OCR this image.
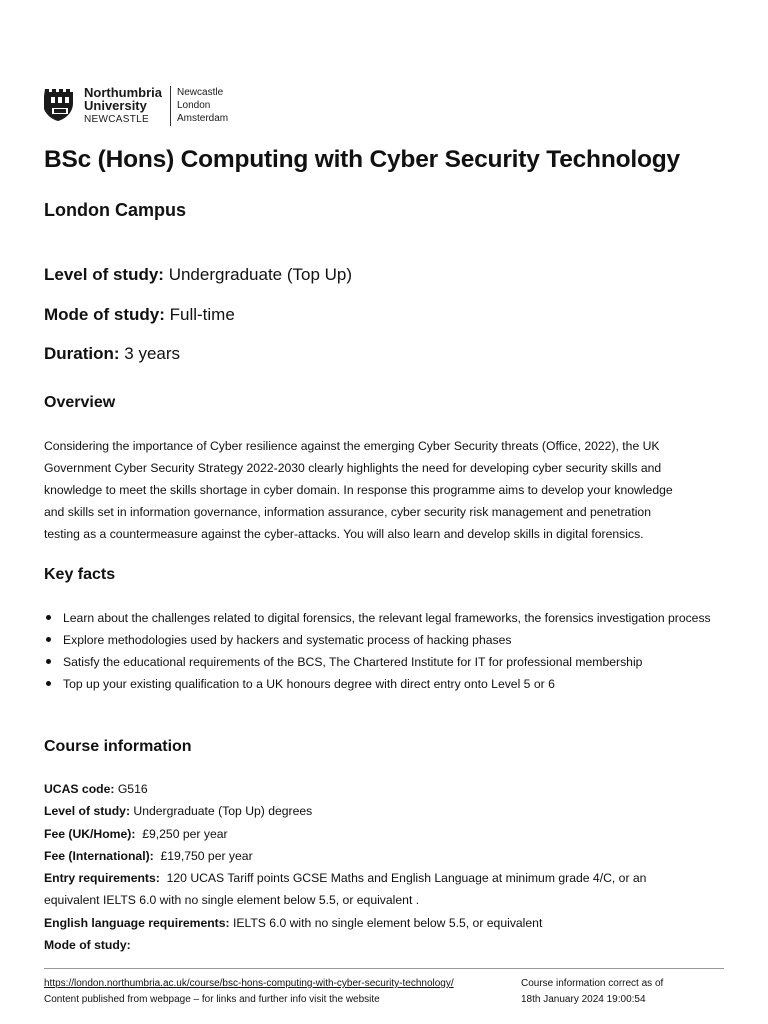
Northumbria
University
NEWCASTLE
Newcastle
London
Amsterdam
BSc (Hons) Computing with Cyber Security Technology
London Campus
Level of study: Undergraduate (Top Up)
Mode of study: Full-time
Duration: 3 years
Overview
Considering the importance of Cyber resilience against the emerging Cyber Security threats (Office, 2022), the UK
Government Cyber Security Strategy 2022-2030 clearly highlights the need for developing cyber security skills and
knowledge to meet the skills shortage in cyber domain. In response this programme aims to develop your knowledge
and skills set in information governance, information assurance, cyber security risk management and penetration
testing as a countermeasure against the cyber-attacks. You will also learn and develop skills in digital forensics.
Key facts
Learn about the challenges related to digital forensics, the relevant legal frameworks, the forensics investigation process
Explore methodologies used by hackers and systematic process of hacking phases
Satisfy the educational requirements of the BCS, The Chartered Institute for IT for professional membership
Top up your existing qualification to a UK honours degree with direct entry onto Level 5 or 6
Course information
UCAS code: G516
Level of study: Undergraduate (Top Up) degrees
Fee (UK/Home): £9,250 per year
Fee (International): £19,750 per year
Entry requirements: 120 UCAS Tariff points GCSE Maths and English Language at minimum grade 4/C, or an
equivalent IELTS 6.0 with no single element below 5.5, or equivalent .
English language requirements: IELTS 6.0 with no single element below 5.5, or equivalent
Mode of study:
https://london.northumbria.ac.uk/course/bsc-hons-computing-with-cyber-security-technology/
Content published from webpage – for links and further info visit the website
Course information correct as of
18th January 2024 19:00:54
